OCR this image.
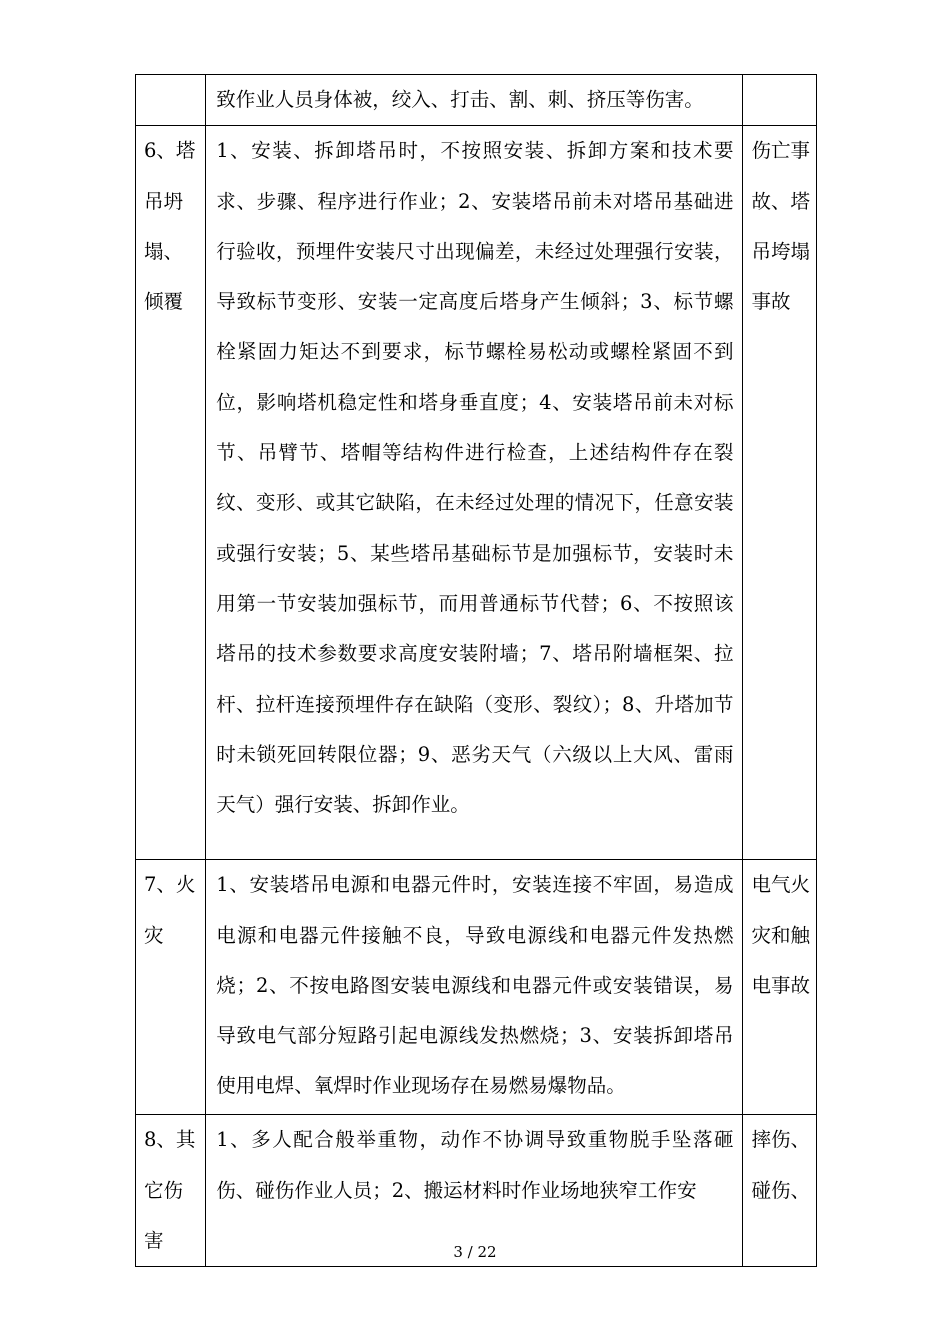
	致作业人员身体被，绞入、打击、割、刺、挤压等伤害。	
6、塔吊坍塌、倾覆	1、安装、拆卸塔吊时，不按照安装、拆卸方案和技术要求、步骤、程序进行作业；2、安装塔吊前未对塔吊基础进行验收，预埋件安装尺寸出现偏差，未经过处理强行安装，导致标节变形、安装一定高度后塔身产生倾斜；3、标节螺栓紧固力矩达不到要求，标节螺栓易松动或螺栓紧固不到位，影响塔机稳定性和塔身垂直度；4、安装塔吊前未对标节、吊臂节、塔帽等结构件进行检查，上述结构件存在裂纹、变形、或其它缺陷，在未经过处理的情况下，任意安装或强行安装；5、某些塔吊基础标节是加强标节，安装时未用第一节安装加强标节，而用普通标节代替；6、不按照该塔吊的技术参数要求高度安装附墙；7、塔吊附墙框架、拉杆、拉杆连接预埋件存在缺陷（变形、裂纹）；8、升塔加节时未锁死回转限位器；9、恶劣天气（六级以上大风、雷雨天气）强行安装、拆卸作业。	伤亡事故、塔吊垮塌事故
7、火灾	1、安装塔吊电源和电器元件时，安装连接不牢固，易造成电源和电器元件接触不良，导致电源线和电器元件发热燃烧；2、不按电路图安装电源线和电器元件或安装错误，易导致电气部分短路引起电源线发热燃烧；3、安装拆卸塔吊使用电焊、氧焊时作业现场存在易燃易爆物品。	电气火灾和触电事故
8、其它伤害	1、多人配合般举重物，动作不协调导致重物脱手坠落砸伤、碰伤作业人员；2、搬运材料时作业场地狭窄工作安	摔伤、碰伤、
3 / 22
